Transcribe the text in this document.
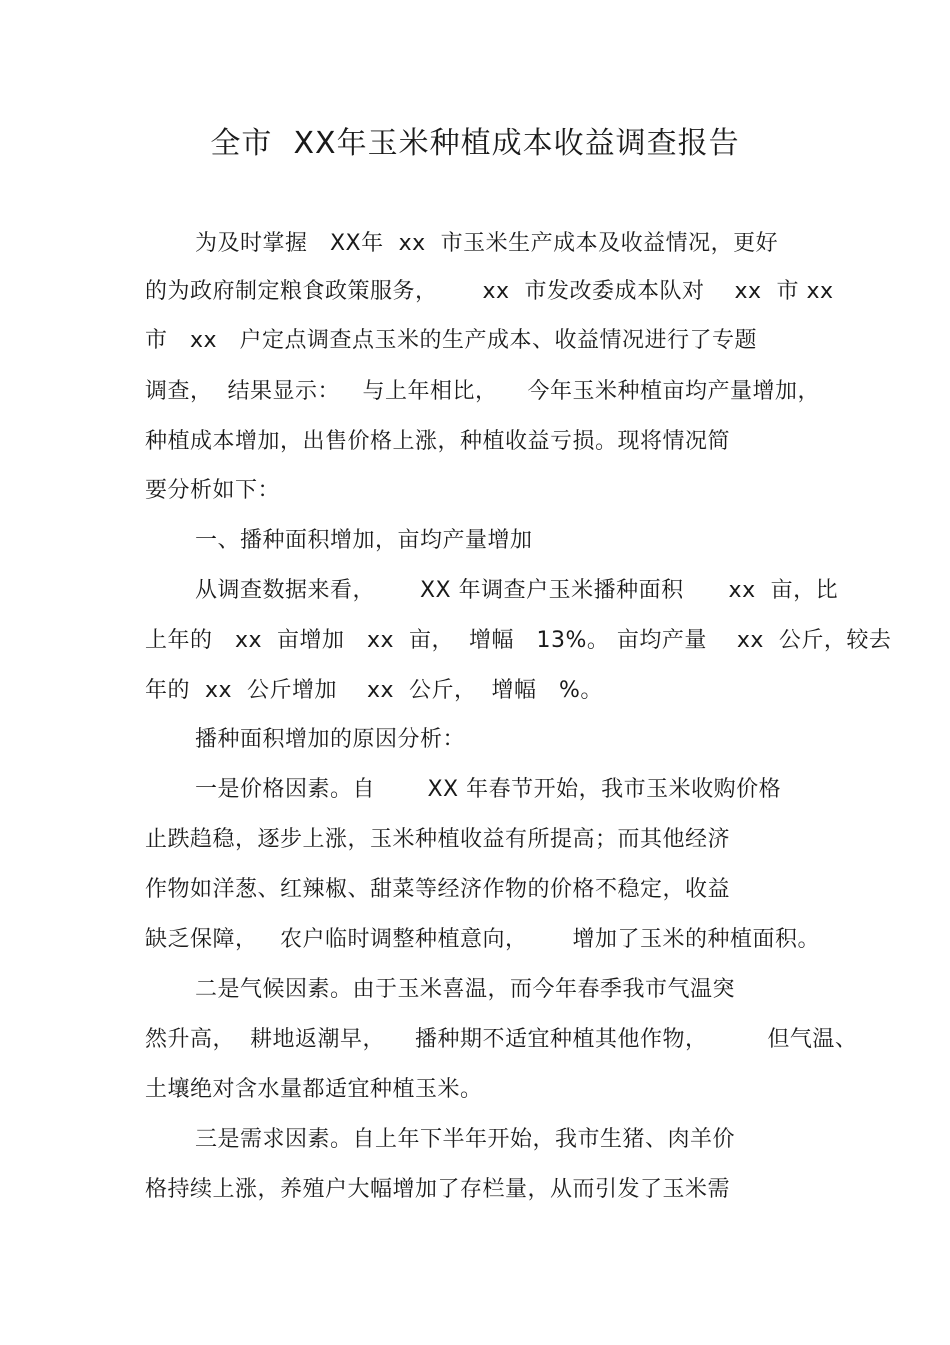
全市  XX年玉米种植成本收益调查报告
为及时掌握   XX年  xx  市玉米生产成本及收益情况，更好
的为政府制定粮食政策服务，      xx  市发改委成本队对    xx  市 xx
市   xx   户定点调查点玉米的生产成本、收益情况进行了专题
调查，  结果显示：   与上年相比，    今年玉米种植亩均产量增加，
种植成本增加，出售价格上涨，种植收益亏损。现将情况简
要分析如下：
一、播种面积增加，亩均产量增加
从调查数据来看，      XX 年调查户玉米播种面积      xx  亩，比
上年的   xx  亩增加   xx  亩，  增幅   13%。 亩均产量    xx  公斤，较去
年的  xx  公斤增加    xx  公斤，  增幅   %。
播种面积增加的原因分析：
一是价格因素。自       XX 年春节开始，我市玉米收购价格
止跌趋稳，逐步上涨，玉米种植收益有所提高；而其他经济
作物如洋葱、红辣椒、甜菜等经济作物的价格不稳定，收益
缺乏保障，   农户临时调整种植意向，      增加了玉米的种植面积。
二是气候因素。由于玉米喜温，而今年春季我市气温突
然升高，  耕地返潮早，    播种期不适宜种植其他作物，        但气温、
土壤绝对含水量都适宜种植玉米。
三是需求因素。自上年下半年开始，我市生猪、肉羊价
格持续上涨，养殖户大幅增加了存栏量，从而引发了玉米需
